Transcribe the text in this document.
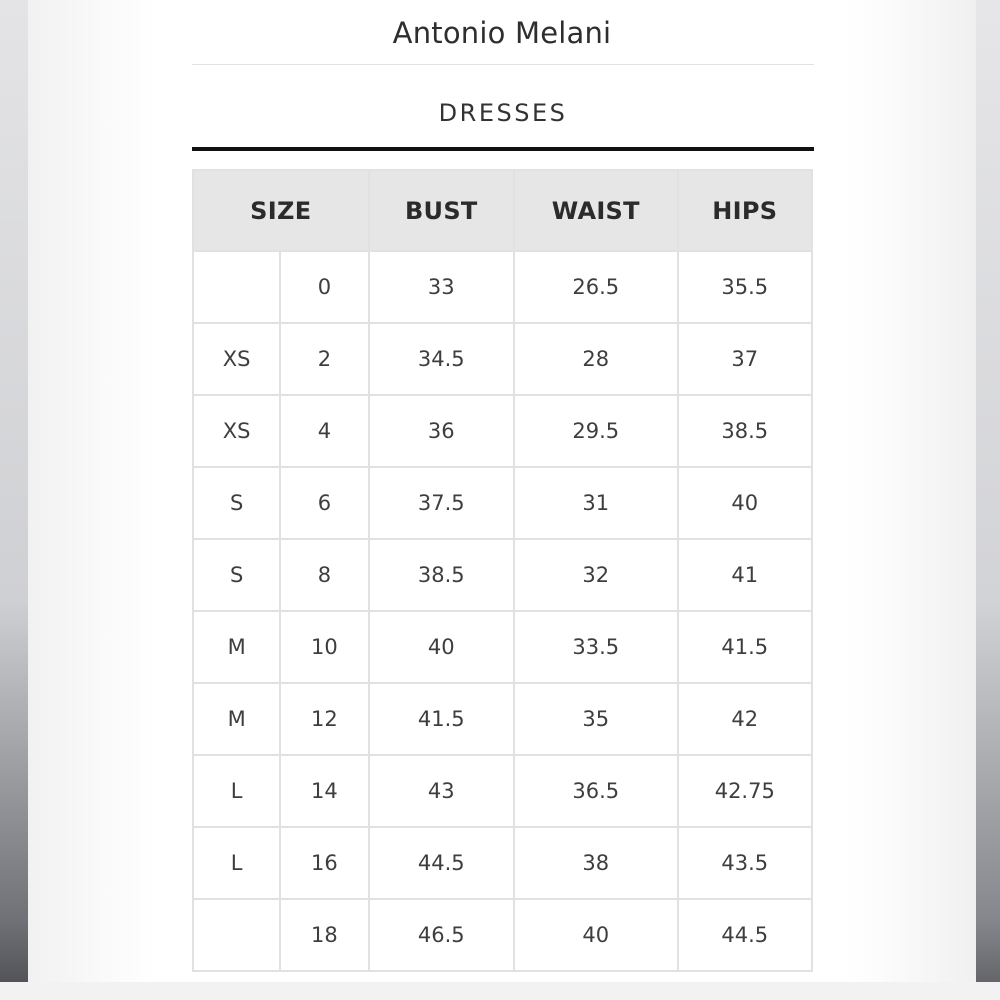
Antonio Melani
DRESSES
SIZE		BUST	WAIST	HIPS
	0	33	26.5	35.5
XS	2	34.5	28	37
XS	4	36	29.5	38.5
S	6	37.5	31	40
S	8	38.5	32	41
M	10	40	33.5	41.5
M	12	41.5	35	42
L	14	43	36.5	42.75
L	16	44.5	38	43.5
	18	46.5	40	44.5
